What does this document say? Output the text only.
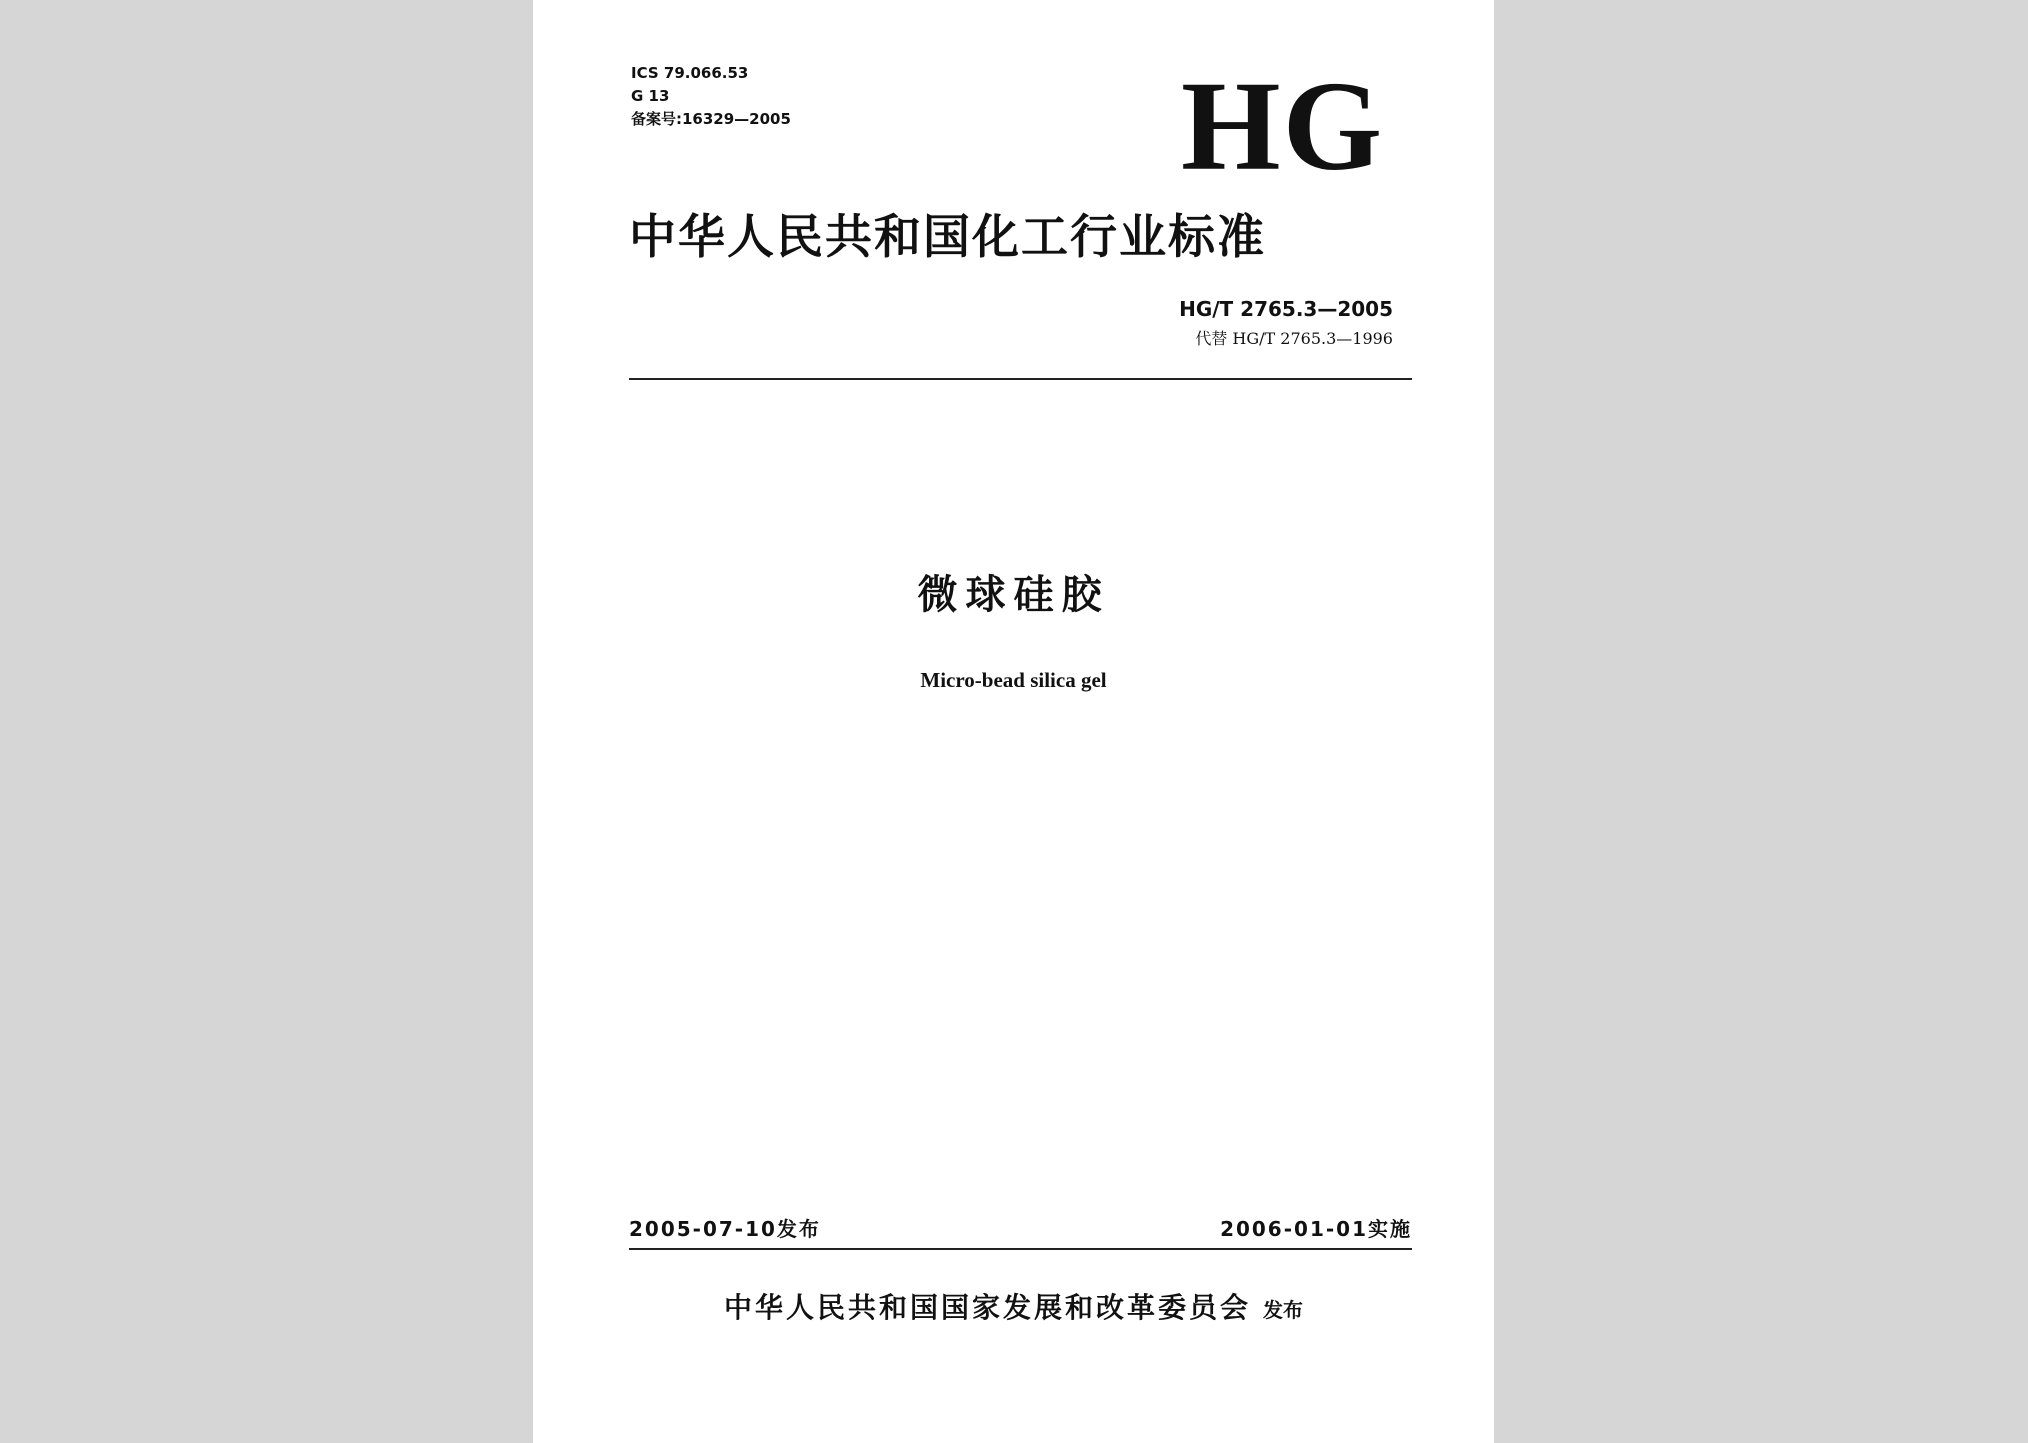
ICS 79.066.53
G 13
备案号:16329—2005	HG
中华人民共和国化工行业标准
HG/T 2765.3—2005
代替 HG/T 2765.3—1996
微球硅胶
Micro-bead silica gel
2005-07-10发布	2006-01-01实施
中华人民共和国国家发展和改革委员会 发布
